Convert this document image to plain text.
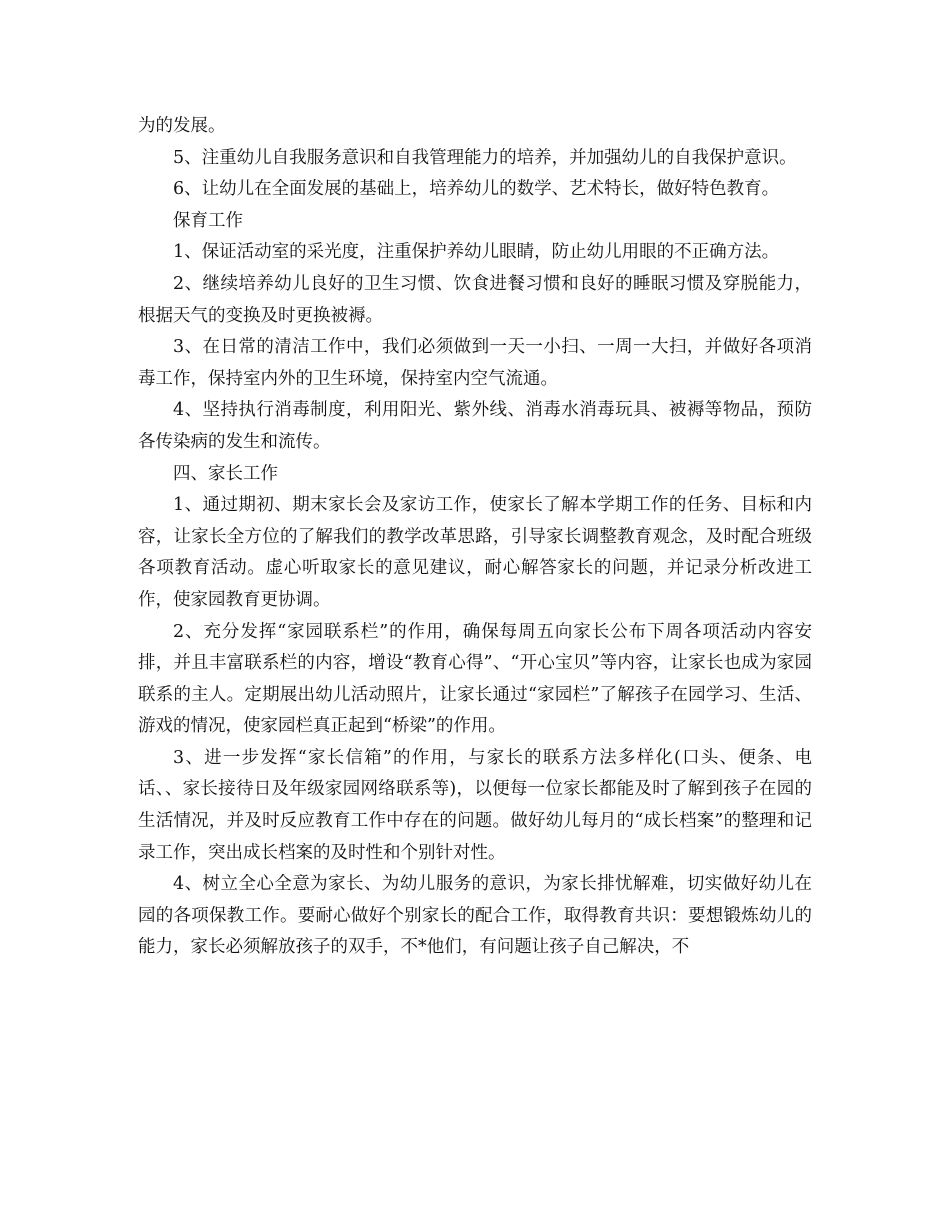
为的发展。

5、注重幼儿自我服务意识和自我管理能力的培养，并加强幼儿的自我保护意识。

6、让幼儿在全面发展的基础上，培养幼儿的数学、艺术特长，做好特色教育。

保育工作

1、保证活动室的采光度，注重保护养幼儿眼睛，防止幼儿用眼的不正确方法。

2、继续培养幼儿良好的卫生习惯、饮食进餐习惯和良好的睡眠习惯及穿脱能力，根据天气的变换及时更换被褥。

3、在日常的清洁工作中，我们必须做到一天一小扫、一周一大扫，并做好各项消毒工作，保持室内外的卫生环境，保持室内空气流通。

4、坚持执行消毒制度，利用阳光、紫外线、消毒水消毒玩具、被褥等物品，预防各传染病的发生和流传。

四、家长工作

1、通过期初、期末家长会及家访工作，使家长了解本学期工作的任务、目标和内容，让家长全方位的了解我们的教学改革思路，引导家长调整教育观念，及时配合班级各项教育活动。虚心听取家长的意见建议，耐心解答家长的问题，并记录分析改进工作，使家园教育更协调。

2、充分发挥“家园联系栏”的作用，确保每周五向家长公布下周各项活动内容安排，并且丰富联系栏的内容，增设“教育心得”、“开心宝贝”等内容，让家长也成为家园联系的主人。定期展出幼儿活动照片，让家长通过“家园栏”了解孩子在园学习、生活、游戏的情况，使家园栏真正起到“桥梁”的作用。

3、进一步发挥“家长信箱”的作用，与家长的联系方法多样化(口头、便条、电话、、家长接待日及年级家园网络联系等)，以便每一位家长都能及时了解到孩子在园的生活情况，并及时反应教育工作中存在的问题。做好幼儿每月的“成长档案”的整理和记录工作，突出成长档案的及时性和个别针对性。

4、树立全心全意为家长、为幼儿服务的意识，为家长排忧解难，切实做好幼儿在园的各项保教工作。要耐心做好个别家长的配合工作，取得教育共识：要想锻炼幼儿的能力，家长必须解放孩子的双手，不*他们，有问题让孩子自己解决，不
